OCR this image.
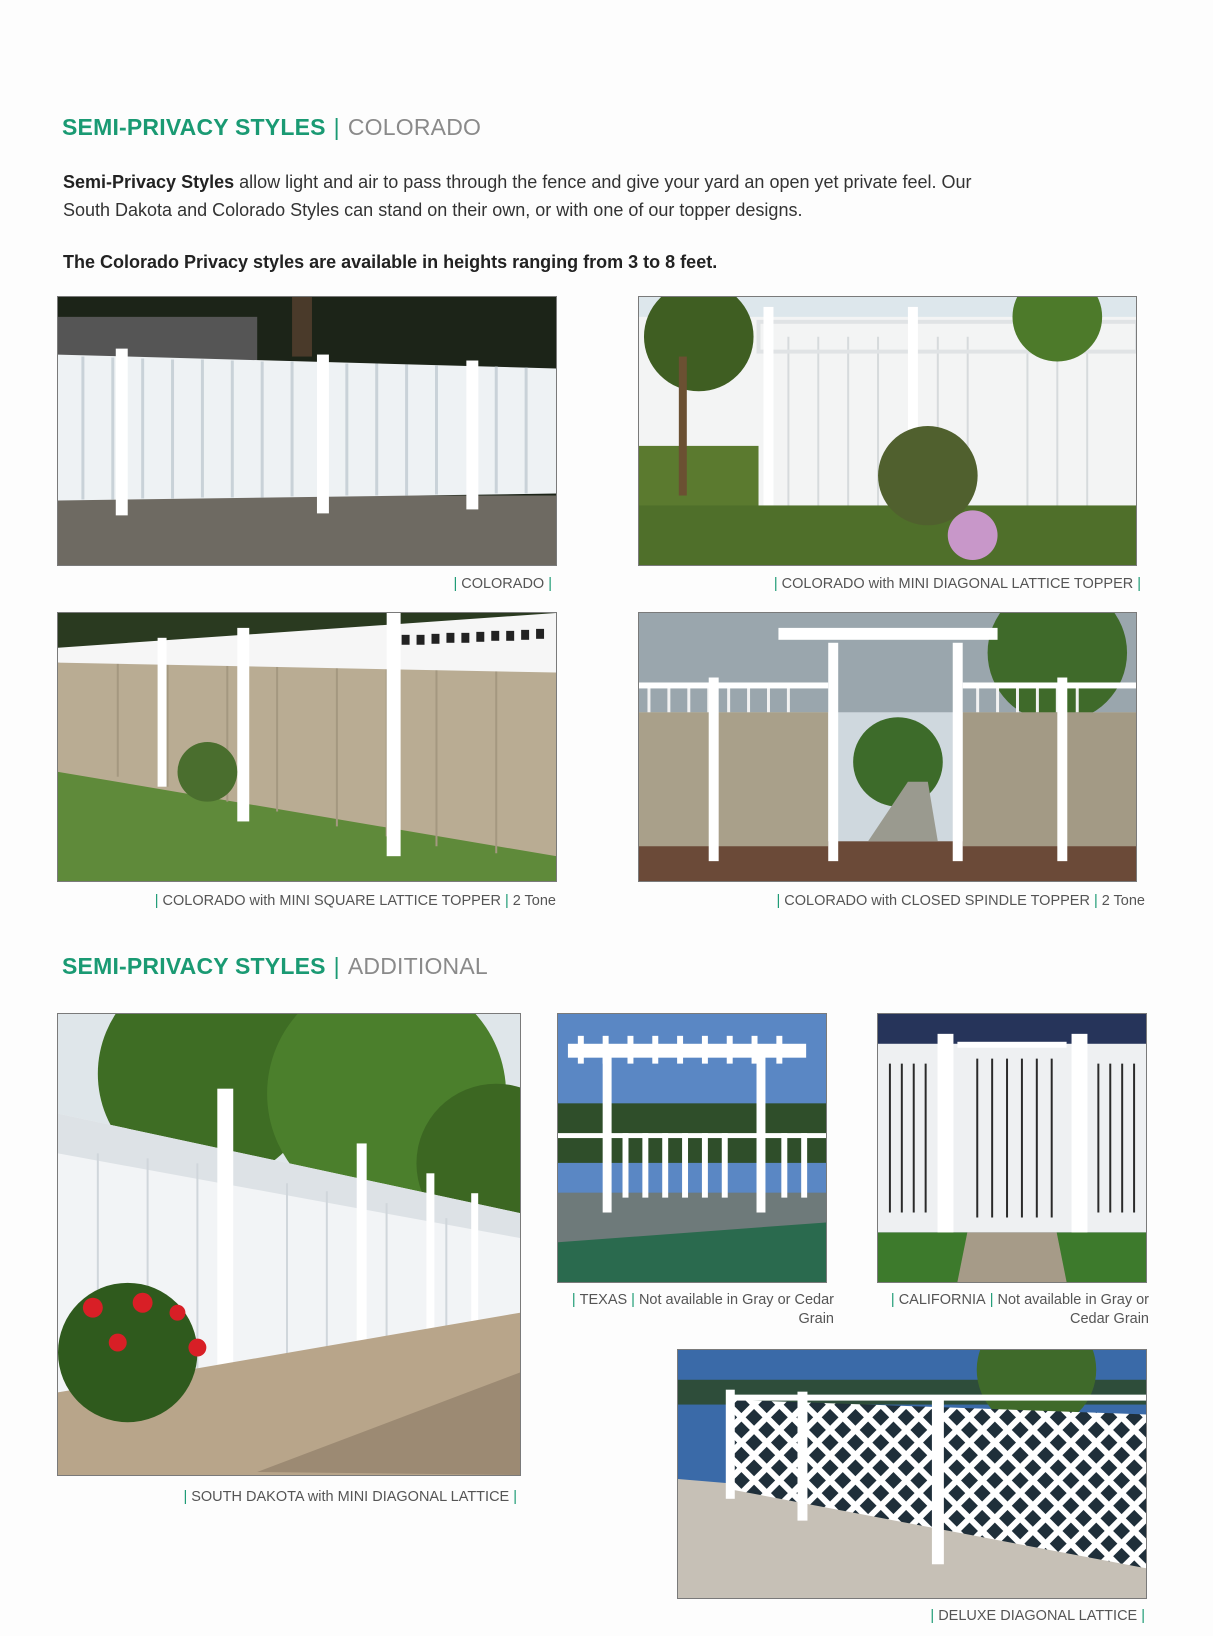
SEMI-PRIVACY STYLES | COLORADO
Semi-Privacy Styles allow light and air to pass through the fence and give your yard an open yet private feel. Our South Dakota and Colorado Styles can stand on their own, or with one of our topper designs.
The Colorado Privacy styles are available in heights ranging from 3 to 8 feet.
| COLORADO |	| COLORADO with MINI DIAGONAL LATTICE TOPPER |
| COLORADO with MINI SQUARE LATTICE TOPPER | 2 Tone	| COLORADO with CLOSED SPINDLE TOPPER | 2 Tone
SEMI-PRIVACY STYLES | ADDITIONAL
| SOUTH DAKOTA with MINI DIAGONAL LATTICE |
| TEXAS | Not available in Gray or Cedar Grain
| CALIFORNIA | Not available in Gray or Cedar Grain
| DELUXE DIAGONAL LATTICE |
